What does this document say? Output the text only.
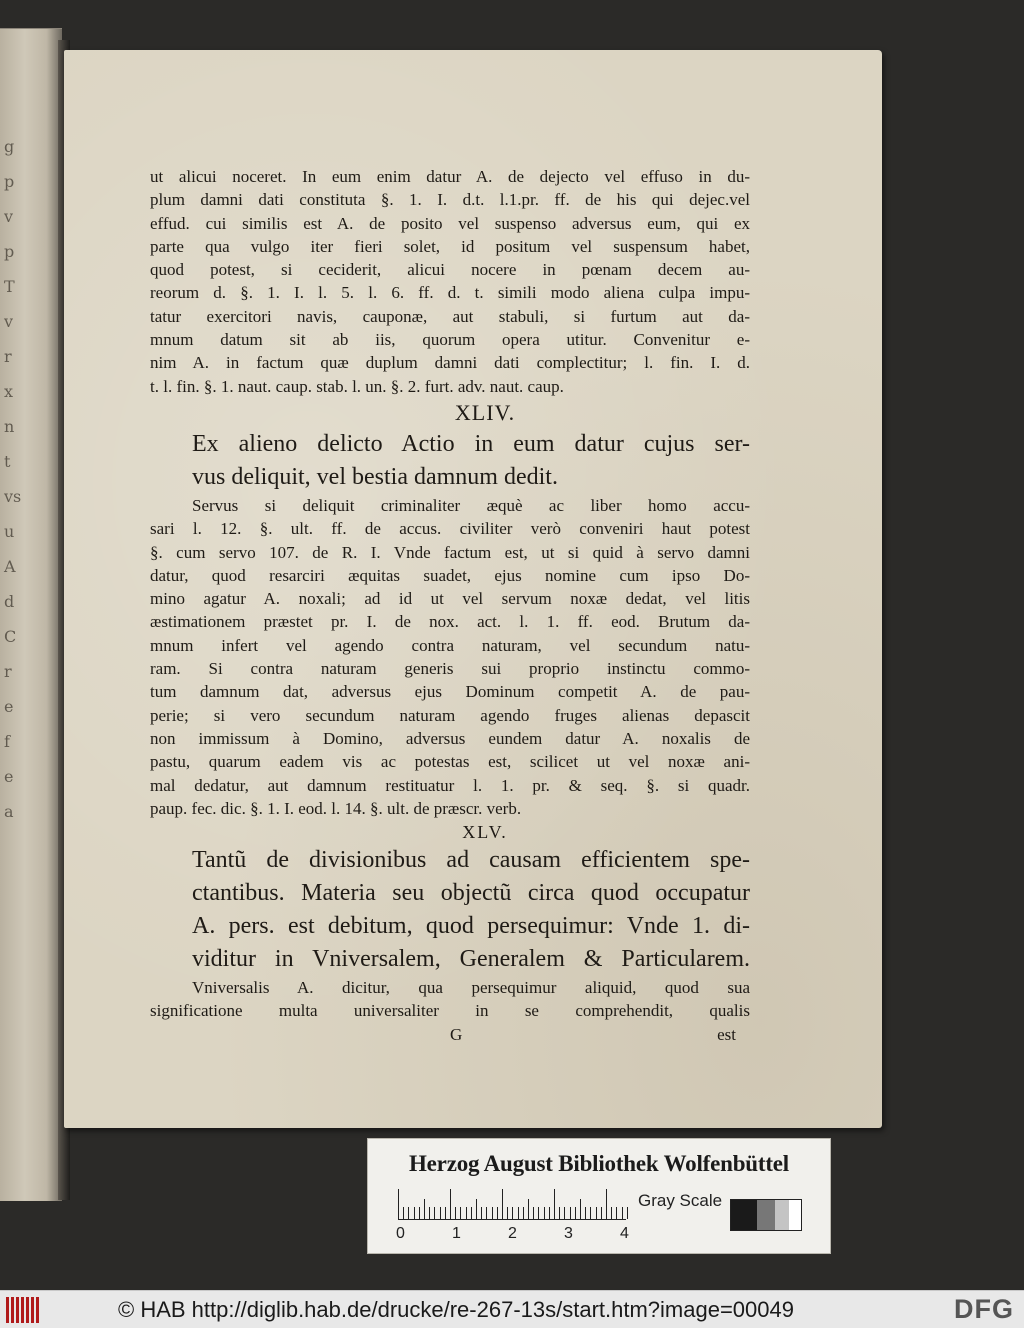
g
p
v
p
T
v
r
x
n
t
vs
u
A
d
C
r
e
f
e
a
ut alicui noceret. In eum enim datur A. de dejecto vel effuso in du-
plum damni dati constituta §. 1. I. d.t. l.1.pr. ff. de his qui dejec.vel
effud. cui similis est A. de posito vel suspenso adversus eum, qui ex
parte qua vulgo iter fieri solet, id positum vel suspensum habet,
quod potest, si ceciderit, alicui nocere in pœnam decem au-
reorum d. §. 1. I. l. 5. l. 6. ff. d. t. simili modo aliena culpa impu-
tatur exercitori navis, cauponæ, aut stabuli, si furtum aut da-
mnum datum sit ab iis, quorum opera utitur. Convenitur e-
nim A. in factum quæ duplum damni dati complectitur; l. fin. I. d.
t. l. fin. §. 1. naut. caup. stab. l. un. §. 2. furt. adv. naut. caup.
XLIV.
Ex alieno delicto Actio in eum datur cujus ser-
vus deliquit, vel bestia damnum dedit.
Servus si deliquit criminaliter æquè ac liber homo accu-
sari l. 12. §. ult. ff. de accus. civiliter verò conveniri haut potest
§. cum servo 107. de R. I. Vnde factum est, ut si quid à servo damni
datur, quod resarciri æquitas suadet, ejus nomine cum ipso Do-
mino agatur A. noxali; ad id ut vel servum noxæ dedat, vel litis
æstimationem præstet pr. I. de nox. act. l. 1. ff. eod. Brutum da-
mnum infert vel agendo contra naturam, vel secundum natu-
ram. Si contra naturam generis sui proprio instinctu commo-
tum damnum dat, adversus ejus Dominum competit A. de pau-
perie; si vero secundum naturam agendo fruges alienas depascit
non immissum à Domino, adversus eundem datur A. noxalis de
pastu, quarum eadem vis ac potestas est, scilicet ut vel noxæ ani-
mal dedatur, aut damnum restituatur l. 1. pr. & seq. §. si quadr.
paup. fec. dic. §. 1. I. eod. l. 14. §. ult. de præscr. verb.
XLV.
Tantũ de divisionibus ad causam efficientem spe-
ctantibus. Materia seu objectũ circa quod occupatur
A. pers. est debitum, quod persequimur: Vnde 1. di-
viditur in Vniversalem, Generalem & Particularem.
Vniversalis A. dicitur, qua persequimur aliquid, quod sua
significatione multa universaliter in se comprehendit, qualis
G	est
Herzog August Bibliothek Wolfenbüttel
0	1	2	3	4
Gray Scale
© HAB http://diglib.hab.de/drucke/re-267-13s/start.htm?image=00049	DFG
